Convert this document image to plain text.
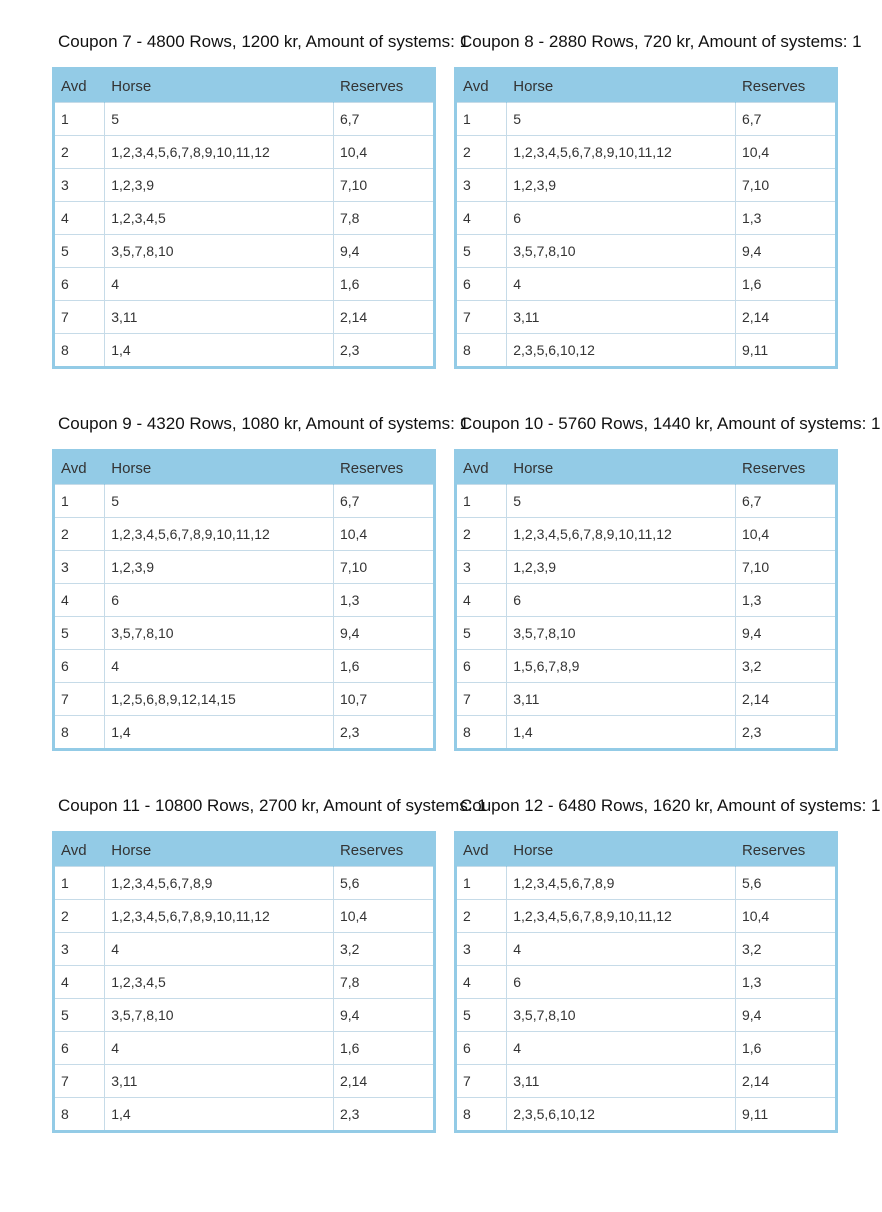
Coupon 7 - 4800 Rows, 1200 kr, Amount of systems: 1
Avd	Horse	Reserves
1	5	6,7
2	1,2,3,4,5,6,7,8,9,10,11,12	10,4
3	1,2,3,9	7,10
4	1,2,3,4,5	7,8
5	3,5,7,8,10	9,4
6	4	1,6
7	3,11	2,14
8	1,4	2,3
Coupon 8 - 2880 Rows, 720 kr, Amount of systems: 1
Avd	Horse	Reserves
1	5	6,7
2	1,2,3,4,5,6,7,8,9,10,11,12	10,4
3	1,2,3,9	7,10
4	6	1,3
5	3,5,7,8,10	9,4
6	4	1,6
7	3,11	2,14
8	2,3,5,6,10,12	9,11
Coupon 9 - 4320 Rows, 1080 kr, Amount of systems: 1
Avd	Horse	Reserves
1	5	6,7
2	1,2,3,4,5,6,7,8,9,10,11,12	10,4
3	1,2,3,9	7,10
4	6	1,3
5	3,5,7,8,10	9,4
6	4	1,6
7	1,2,5,6,8,9,12,14,15	10,7
8	1,4	2,3
Coupon 10 - 5760 Rows, 1440 kr, Amount of systems: 1
Avd	Horse	Reserves
1	5	6,7
2	1,2,3,4,5,6,7,8,9,10,11,12	10,4
3	1,2,3,9	7,10
4	6	1,3
5	3,5,7,8,10	9,4
6	1,5,6,7,8,9	3,2
7	3,11	2,14
8	1,4	2,3
Coupon 11 - 10800 Rows, 2700 kr, Amount of systems: 1
Avd	Horse	Reserves
1	1,2,3,4,5,6,7,8,9	5,6
2	1,2,3,4,5,6,7,8,9,10,11,12	10,4
3	4	3,2
4	1,2,3,4,5	7,8
5	3,5,7,8,10	9,4
6	4	1,6
7	3,11	2,14
8	1,4	2,3
Coupon 12 - 6480 Rows, 1620 kr, Amount of systems: 1
Avd	Horse	Reserves
1	1,2,3,4,5,6,7,8,9	5,6
2	1,2,3,4,5,6,7,8,9,10,11,12	10,4
3	4	3,2
4	6	1,3
5	3,5,7,8,10	9,4
6	4	1,6
7	3,11	2,14
8	2,3,5,6,10,12	9,11
